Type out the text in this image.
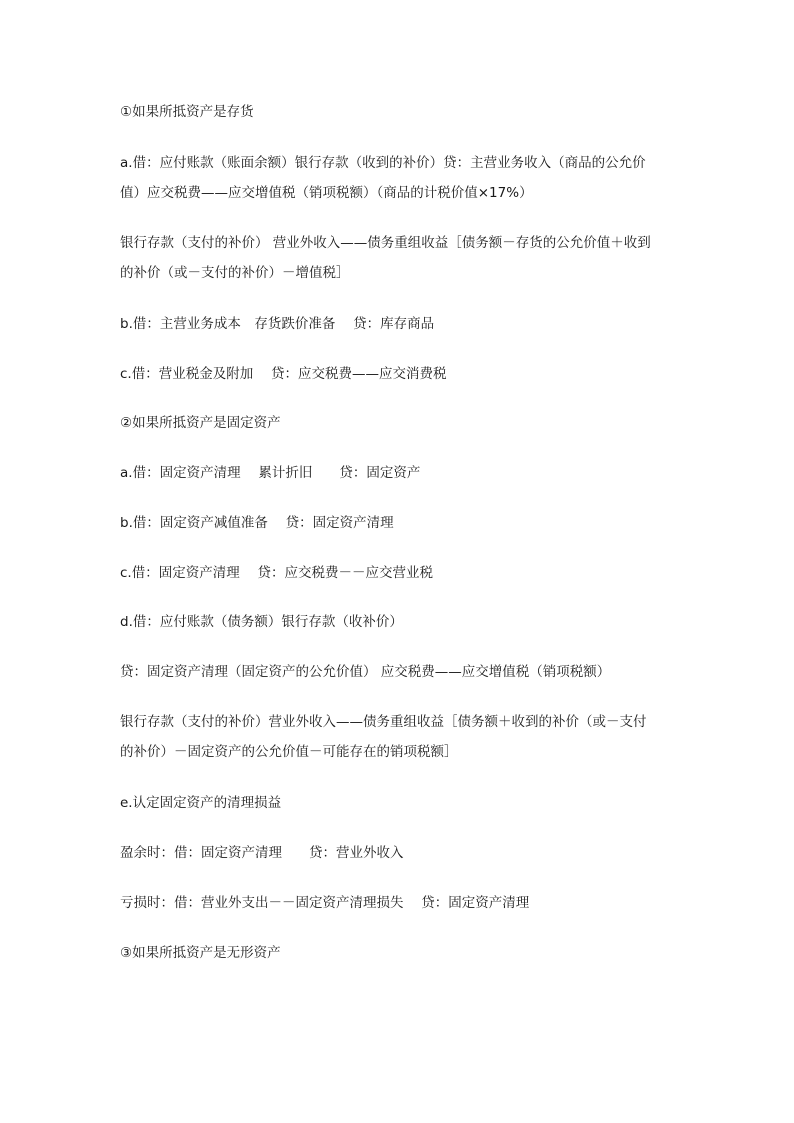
①如果所抵资产是存货
a.借：应付账款（账面余额）银行存款（收到的补价）贷：主营业务收入（商品的公允价
值）应交税费——应交增值税（销项税额）（商品的计税价值×17%）
银行存款（支付的补价） 营业外收入——债务重组收益［债务额－存货的公允价值＋收到
的补价（或－支付的补价）－增值税］
b.借：主营业务成本　存货跌价准备　 贷：库存商品
c.借：营业税金及附加　 贷：应交税费——应交消费税
②如果所抵资产是固定资产
a.借：固定资产清理　 累计折旧　　贷：固定资产
b.借：固定资产减值准备　 贷：固定资产清理
c.借：固定资产清理　 贷：应交税费－－应交营业税
d.借：应付账款（债务额）银行存款（收补价）
贷：固定资产清理（固定资产的公允价值） 应交税费——应交增值税（销项税额）
银行存款（支付的补价）营业外收入——债务重组收益［债务额＋收到的补价（或－支付
的补价）－固定资产的公允价值－可能存在的销项税额］
e.认定固定资产的清理损益
盈余时：借：固定资产清理　　贷：营业外收入
亏损时：借：营业外支出－－固定资产清理损失　 贷：固定资产清理
③如果所抵资产是无形资产
